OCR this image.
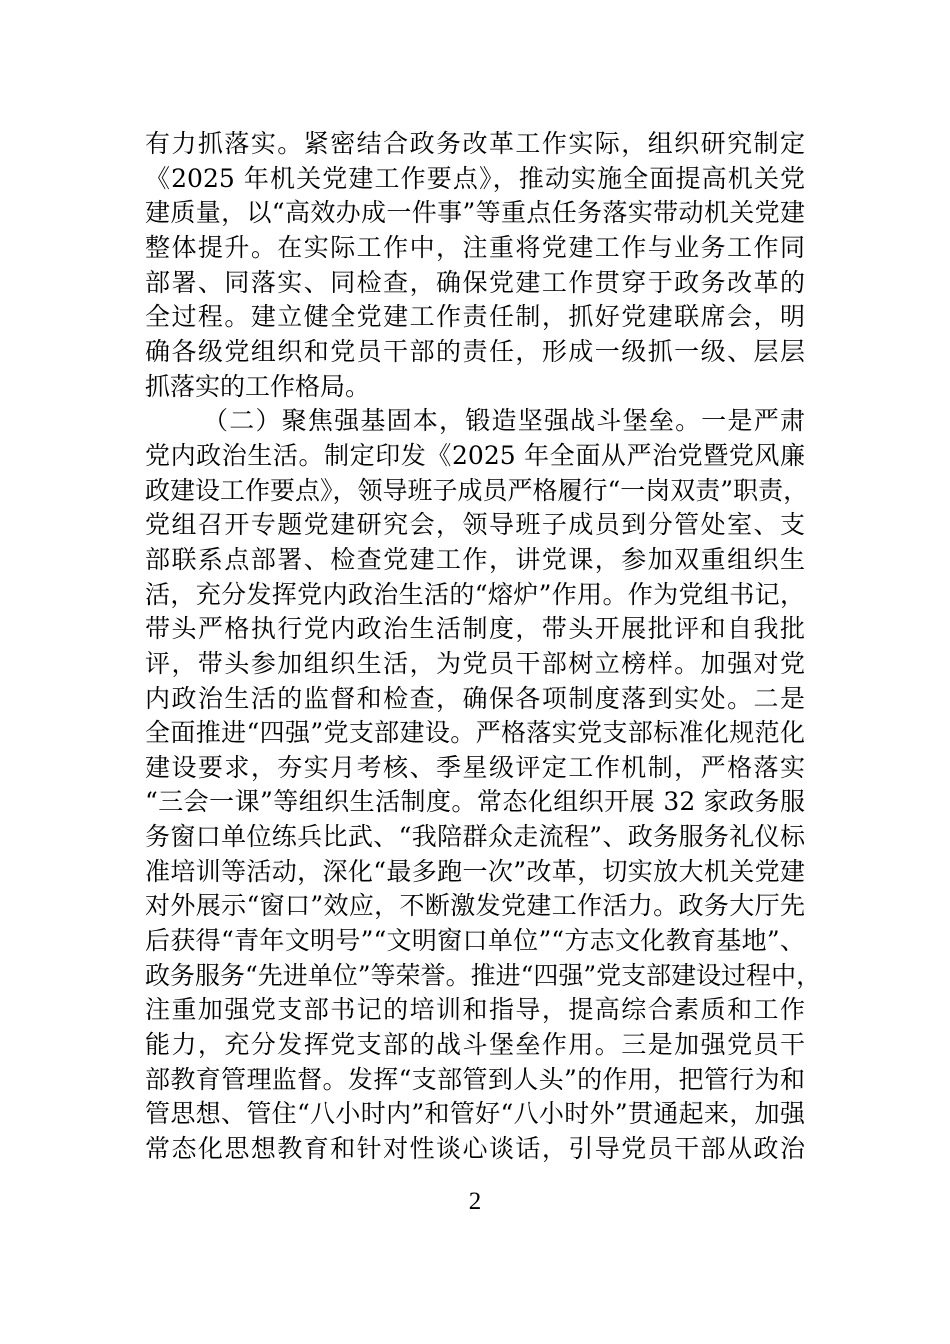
有力抓落实。紧密结合政务改革工作实际，组织研究制定
《2025 年机关党建工作要点》，推动实施全面提高机关党
建质量，以“高效办成一件事”等重点任务落实带动机关党建
整体提升。在实际工作中，注重将党建工作与业务工作同
部署、同落实、同检查，确保党建工作贯穿于政务改革的
全过程。建立健全党建工作责任制，抓好党建联席会，明
确各级党组织和党员干部的责任，形成一级抓一级、层层
抓落实的工作格局。
（二）聚焦强基固本，锻造坚强战斗堡垒。一是严肃
党内政治生活。制定印发《2025 年全面从严治党暨党风廉
政建设工作要点》，领导班子成员严格履行“一岗双责”职责，
党组召开专题党建研究会，领导班子成员到分管处室、支
部联系点部署、检查党建工作，讲党课，参加双重组织生
活，充分发挥党内政治生活的“熔炉”作用。作为党组书记，
带头严格执行党内政治生活制度，带头开展批评和自我批
评，带头参加组织生活，为党员干部树立榜样。加强对党
内政治生活的监督和检查，确保各项制度落到实处。二是
全面推进“四强”党支部建设。严格落实党支部标准化规范化
建设要求，夯实月考核、季星级评定工作机制，严格落实
“三会一课”等组织生活制度。常态化组织开展 32 家政务服
务窗口单位练兵比武、“我陪群众走流程”、政务服务礼仪标
准培训等活动，深化“最多跑一次”改革，切实放大机关党建
对外展示“窗口”效应，不断激发党建工作活力。政务大厅先
后获得“青年文明号”“文明窗口单位”“方志文化教育基地”、
政务服务“先进单位”等荣誉。推进“四强”党支部建设过程中，
注重加强党支部书记的培训和指导，提高综合素质和工作
能力，充分发挥党支部的战斗堡垒作用。三是加强党员干
部教育管理监督。发挥“支部管到人头”的作用，把管行为和
管思想、管住“八小时内”和管好“八小时外”贯通起来，加强
常态化思想教育和针对性谈心谈话，引导党员干部从政治
2
